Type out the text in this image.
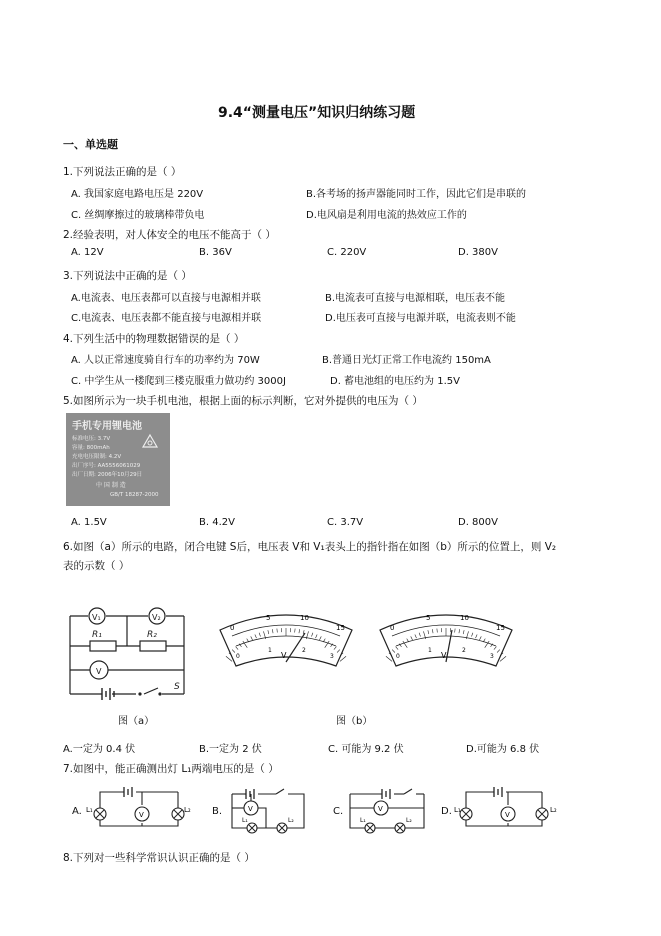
9.4“测量电压”知识归纳练习题
一、单选题
1.下列说法正确的是（ ）
A. 我国家庭电路电压是 220V	B.各考场的扬声器能同时工作，因此它们是串联的
C. 丝绸摩擦过的玻璃棒带负电	D.电风扇是利用电流的热效应工作的
2.经验表明，对人体安全的电压不能高于（ ）
A. 12V	B. 36V	C. 220V	D. 380V
3.下列说法中正确的是（ ）
A.电流表、电压表都可以直接与电源相并联	B.电流表可直接与电源相联，电压表不能
C.电流表、电压表都不能直接与电源相并联	D.电压表可直接与电源并联，电流表则不能
4.下列生活中的物理数据错误的是（ ）
A. 人以正常速度骑自行车的功率约为 70W	B.普通日光灯正常工作电流约 150mA
C. 中学生从一楼爬到三楼克服重力做功约 3000J	D. 蓄电池组的电压约为 1.5V
5.如图所示为一块手机电池，根据上面的标示判断，它对外提供的电压为（ ）
手机专用锂电池
标准电压: 3.7V
容量: 800mAh
充电电压限制: 4.2V
出厂序号: AA5556061029
出厂日期: 2006年10月29日
中 国 制 造
GB/T 18287-2000
A. 1.5V	B. 4.2V	C. 3.7V	D. 800V
6.如图（a）所示的电路，闭合电键 S后，电压表 V和 V₁表头上的指针指在如图（b）所示的位置上，则 V₂
表的示数（ ）
V₁	V₂
V
R₁	R₂
S
0
5	10
15
0
1	2
3
V
0
5	10
15
0
1	2
3
V
图（a）	图（b）
A.一定为 0.4 伏	B.一定为 2 伏	C. 可能为 9.2 伏	D.可能为 6.8 伏
7.如图中，能正确测出灯 L₁两端电压的是（ ）
A.	V
L₁	L₂ B.	V
L₁	L₂
C.	V
L₁	L₂
D.	V
L₁	L₂
8.下列对一些科学常识认识正确的是（ ）
